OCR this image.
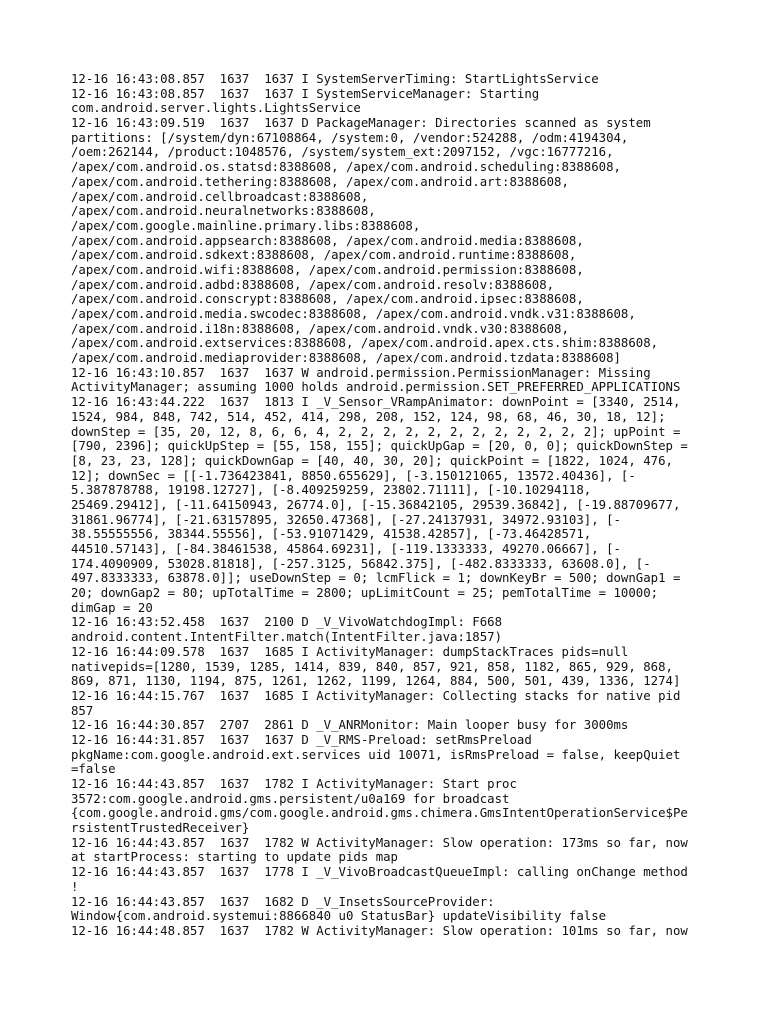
12-16 16:43:08.857  1637  1637 I SystemServerTiming: StartLightsService
12-16 16:43:08.857  1637  1637 I SystemServiceManager: Starting
com.android.server.lights.LightsService
12-16 16:43:09.519  1637  1637 D PackageManager: Directories scanned as system
partitions: [/system/dyn:67108864, /system:0, /vendor:524288, /odm:4194304,
/oem:262144, /product:1048576, /system/system_ext:2097152, /vgc:16777216,
/apex/com.android.os.statsd:8388608, /apex/com.android.scheduling:8388608,
/apex/com.android.tethering:8388608, /apex/com.android.art:8388608,
/apex/com.android.cellbroadcast:8388608,
/apex/com.android.neuralnetworks:8388608,
/apex/com.google.mainline.primary.libs:8388608,
/apex/com.android.appsearch:8388608, /apex/com.android.media:8388608,
/apex/com.android.sdkext:8388608, /apex/com.android.runtime:8388608,
/apex/com.android.wifi:8388608, /apex/com.android.permission:8388608,
/apex/com.android.adbd:8388608, /apex/com.android.resolv:8388608,
/apex/com.android.conscrypt:8388608, /apex/com.android.ipsec:8388608,
/apex/com.android.media.swcodec:8388608, /apex/com.android.vndk.v31:8388608,
/apex/com.android.i18n:8388608, /apex/com.android.vndk.v30:8388608,
/apex/com.android.extservices:8388608, /apex/com.android.apex.cts.shim:8388608,
/apex/com.android.mediaprovider:8388608, /apex/com.android.tzdata:8388608]
12-16 16:43:10.857  1637  1637 W android.permission.PermissionManager: Missing
ActivityManager; assuming 1000 holds android.permission.SET_PREFERRED_APPLICATIONS
12-16 16:43:44.222  1637  1813 I _V_Sensor_VRampAnimator: downPoint = [3340, 2514,
1524, 984, 848, 742, 514, 452, 414, 298, 208, 152, 124, 98, 68, 46, 30, 18, 12];
downStep = [35, 20, 12, 8, 6, 6, 4, 2, 2, 2, 2, 2, 2, 2, 2, 2, 2, 2, 2]; upPoint =
[790, 2396]; quickUpStep = [55, 158, 155]; quickUpGap = [20, 0, 0]; quickDownStep =
[8, 23, 23, 128]; quickDownGap = [40, 40, 30, 20]; quickPoint = [1822, 1024, 476,
12]; downSec = [[-1.736423841, 8850.655629], [-3.150121065, 13572.40436], [-
5.387878788, 19198.12727], [-8.409259259, 23802.71111], [-10.10294118,
25469.29412], [-11.64150943, 26774.0], [-15.36842105, 29539.36842], [-19.88709677,
31861.96774], [-21.63157895, 32650.47368], [-27.24137931, 34972.93103], [-
38.55555556, 38344.55556], [-53.91071429, 41538.42857], [-73.46428571,
44510.57143], [-84.38461538, 45864.69231], [-119.1333333, 49270.06667], [-
174.4090909, 53028.81818], [-257.3125, 56842.375], [-482.8333333, 63608.0], [-
497.8333333, 63878.0]]; useDownStep = 0; lcmFlick = 1; downKeyBr = 500; downGap1 =
20; downGap2 = 80; upTotalTime = 2800; upLimitCount = 25; pemTotalTime = 10000;
dimGap = 20
12-16 16:43:52.458  1637  2100 D _V_VivoWatchdogImpl: F668
android.content.IntentFilter.match(IntentFilter.java:1857)
12-16 16:44:09.578  1637  1685 I ActivityManager: dumpStackTraces pids=null
nativepids=[1280, 1539, 1285, 1414, 839, 840, 857, 921, 858, 1182, 865, 929, 868,
869, 871, 1130, 1194, 875, 1261, 1262, 1199, 1264, 884, 500, 501, 439, 1336, 1274]
12-16 16:44:15.767  1637  1685 I ActivityManager: Collecting stacks for native pid
857
12-16 16:44:30.857  2707  2861 D _V_ANRMonitor: Main looper busy for 3000ms
12-16 16:44:31.857  1637  1637 D _V_RMS-Preload: setRmsPreload
pkgName:com.google.android.ext.services uid 10071, isRmsPreload = false, keepQuiet
=false
12-16 16:44:43.857  1637  1782 I ActivityManager: Start proc
3572:com.google.android.gms.persistent/u0a169 for broadcast
{com.google.android.gms/com.google.android.gms.chimera.GmsIntentOperationService$Pe
rsistentTrustedReceiver}
12-16 16:44:43.857  1637  1782 W ActivityManager: Slow operation: 173ms so far, now
at startProcess: starting to update pids map
12-16 16:44:43.857  1637  1778 I _V_VivoBroadcastQueueImpl: calling onChange method
!
12-16 16:44:43.857  1637  1682 D _V_InsetsSourceProvider:
Window{com.android.systemui:8866840 u0 StatusBar} updateVisibility false
12-16 16:44:48.857  1637  1782 W ActivityManager: Slow operation: 101ms so far, now
